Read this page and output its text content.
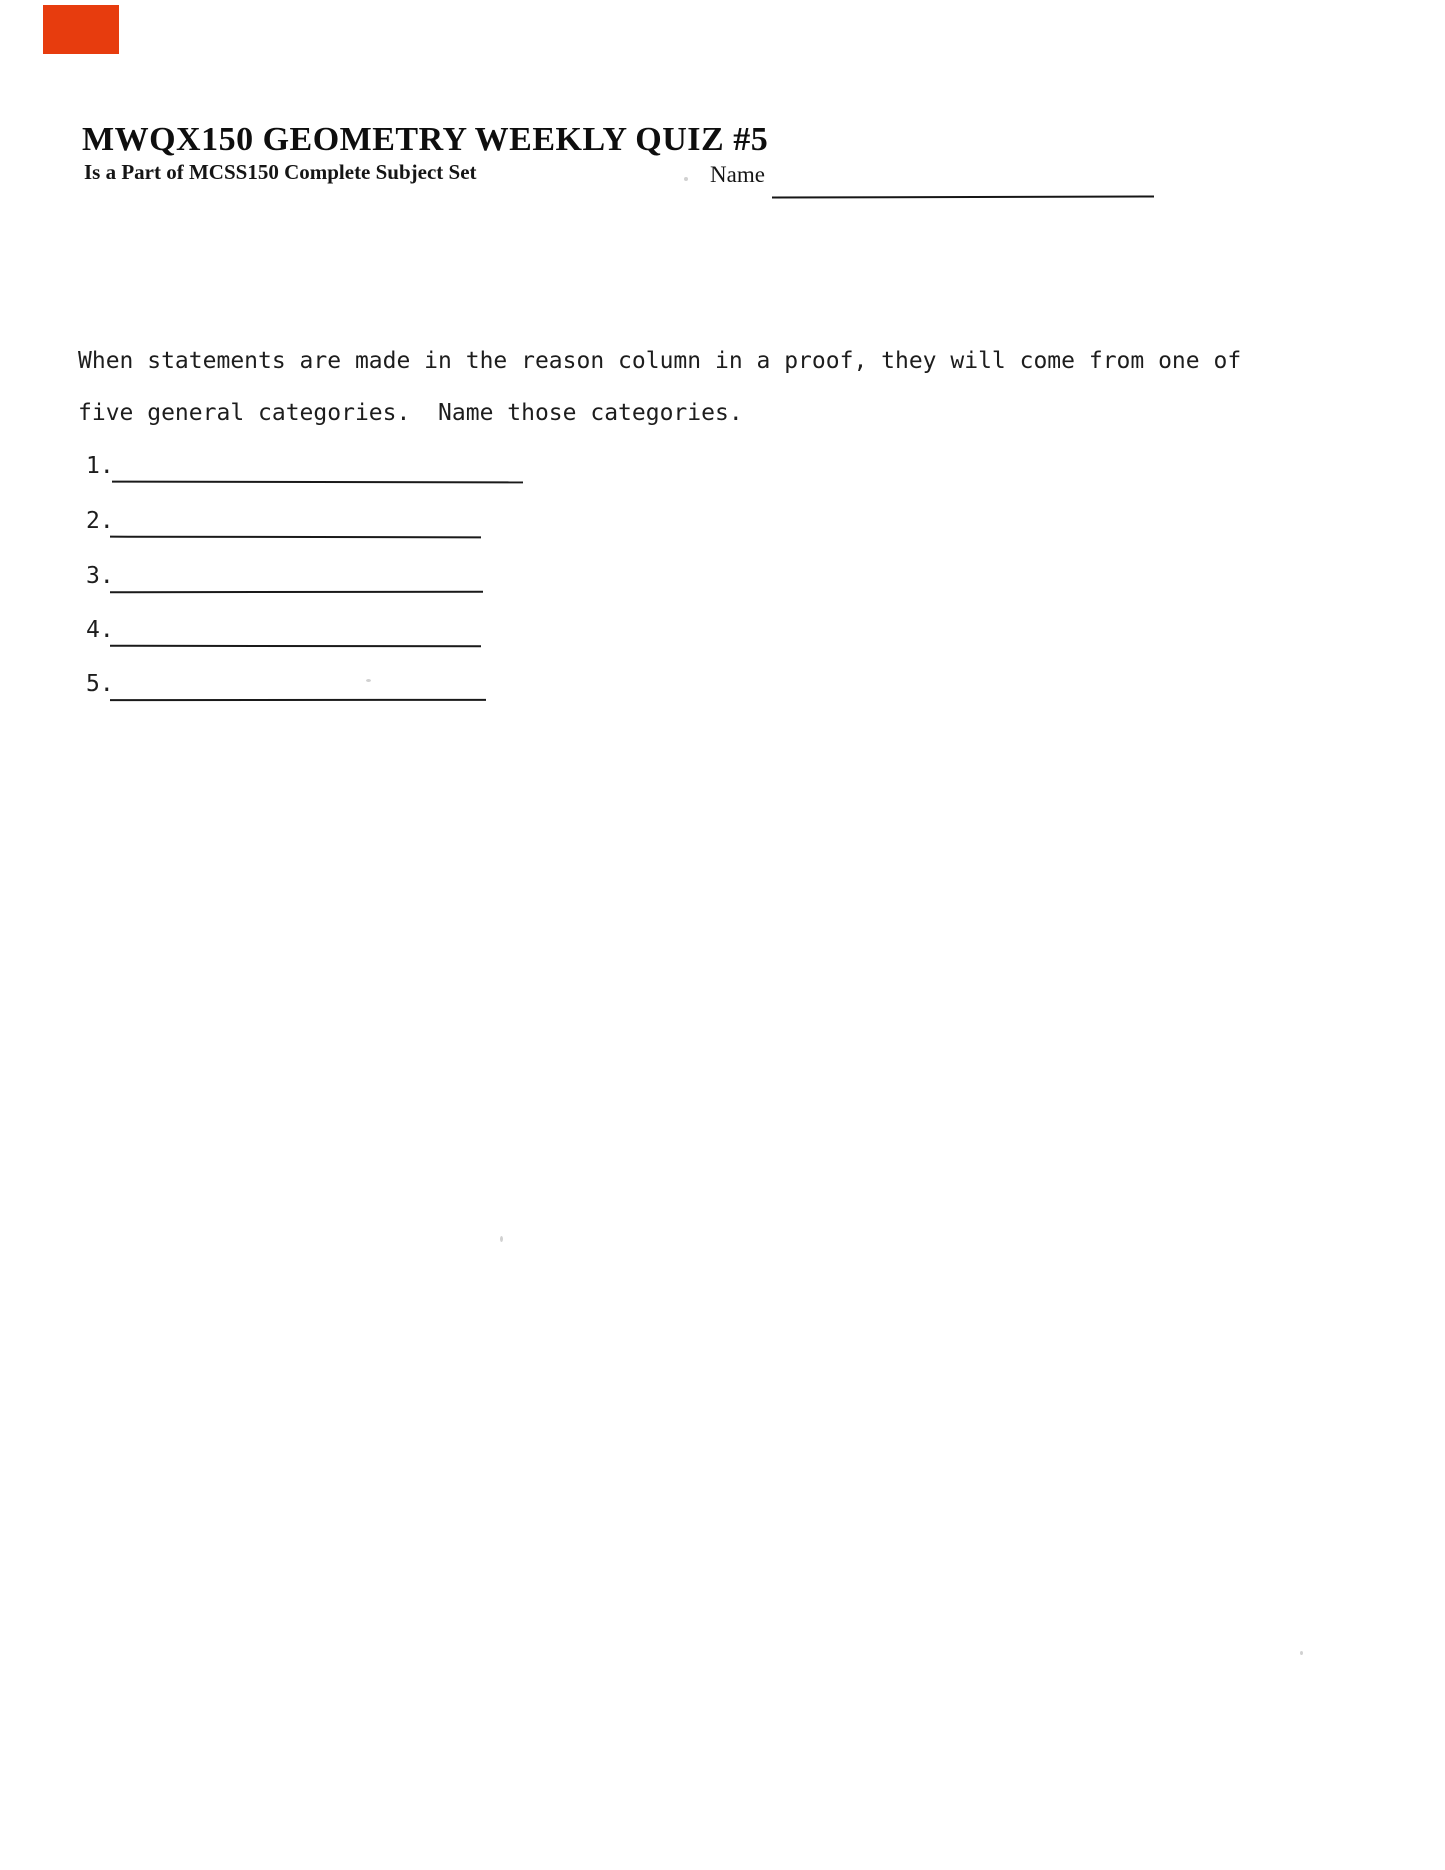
MWQX150 GEOMETRY WEEKLY QUIZ #5
Is a Part of MCSS150 Complete Subject Set	Name
When statements are made in the reason column in a proof, they will come from one of
five general categories.  Name those categories.
1.
2.
3.
4.
5.
